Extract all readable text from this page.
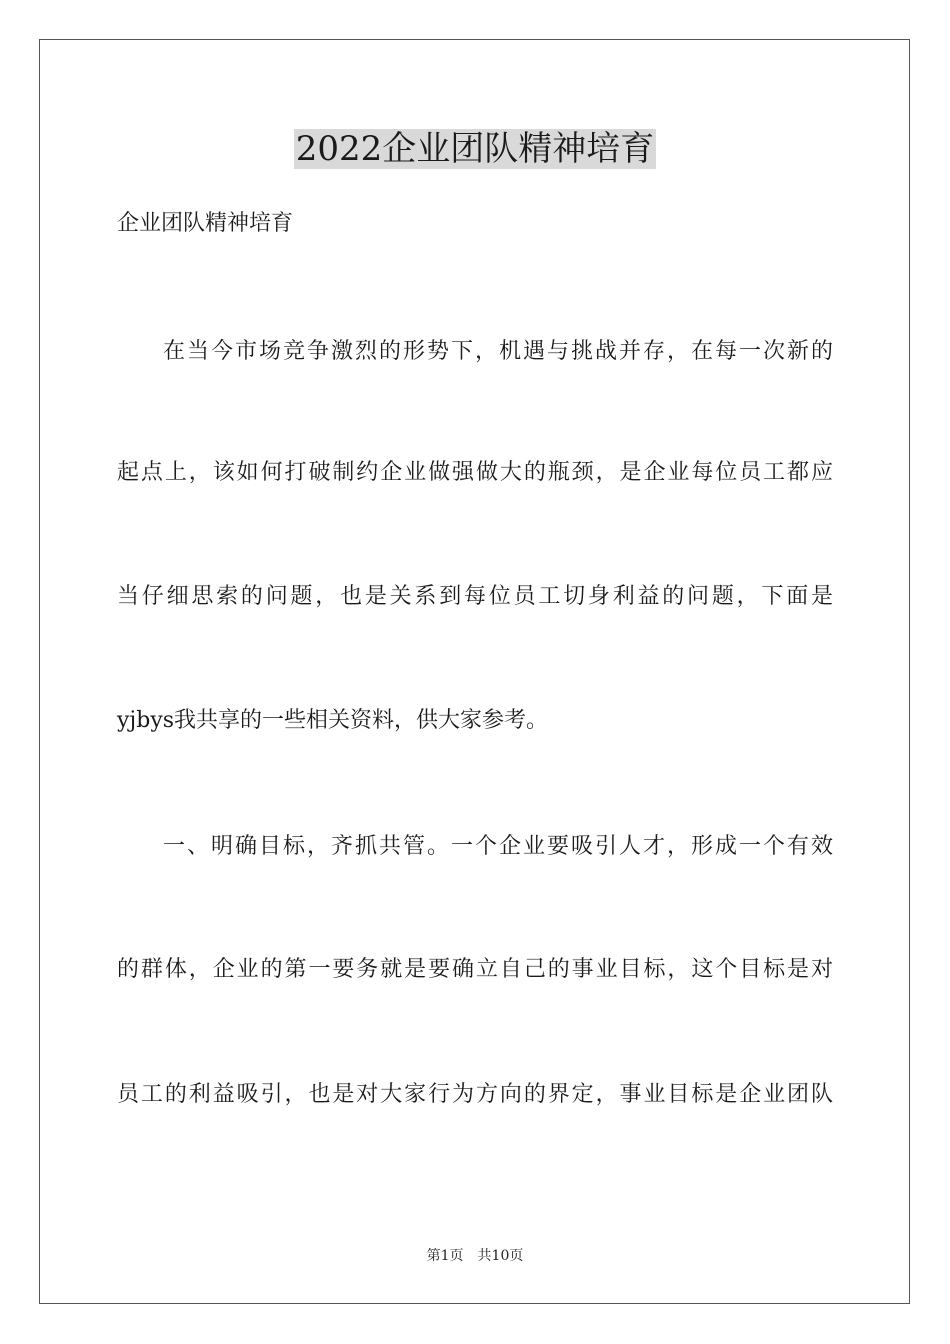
2022企业团队精神培育
企业团队精神培育
在当今市场竞争激烈的形势下，机遇与挑战并存，在每一次新的
起点上，该如何打破制约企业做强做大的瓶颈，是企业每位员工都应
当仔细思索的问题，也是关系到每位员工切身利益的问题，下面是
yjbys我共享的一些相关资料，供大家参考。
一、明确目标，齐抓共管。一个企业要吸引人才，形成一个有效
的群体，企业的第一要务就是要确立自己的事业目标，这个目标是对
员工的利益吸引，也是对大家行为方向的界定，事业目标是企业团队
第1页 共10页
